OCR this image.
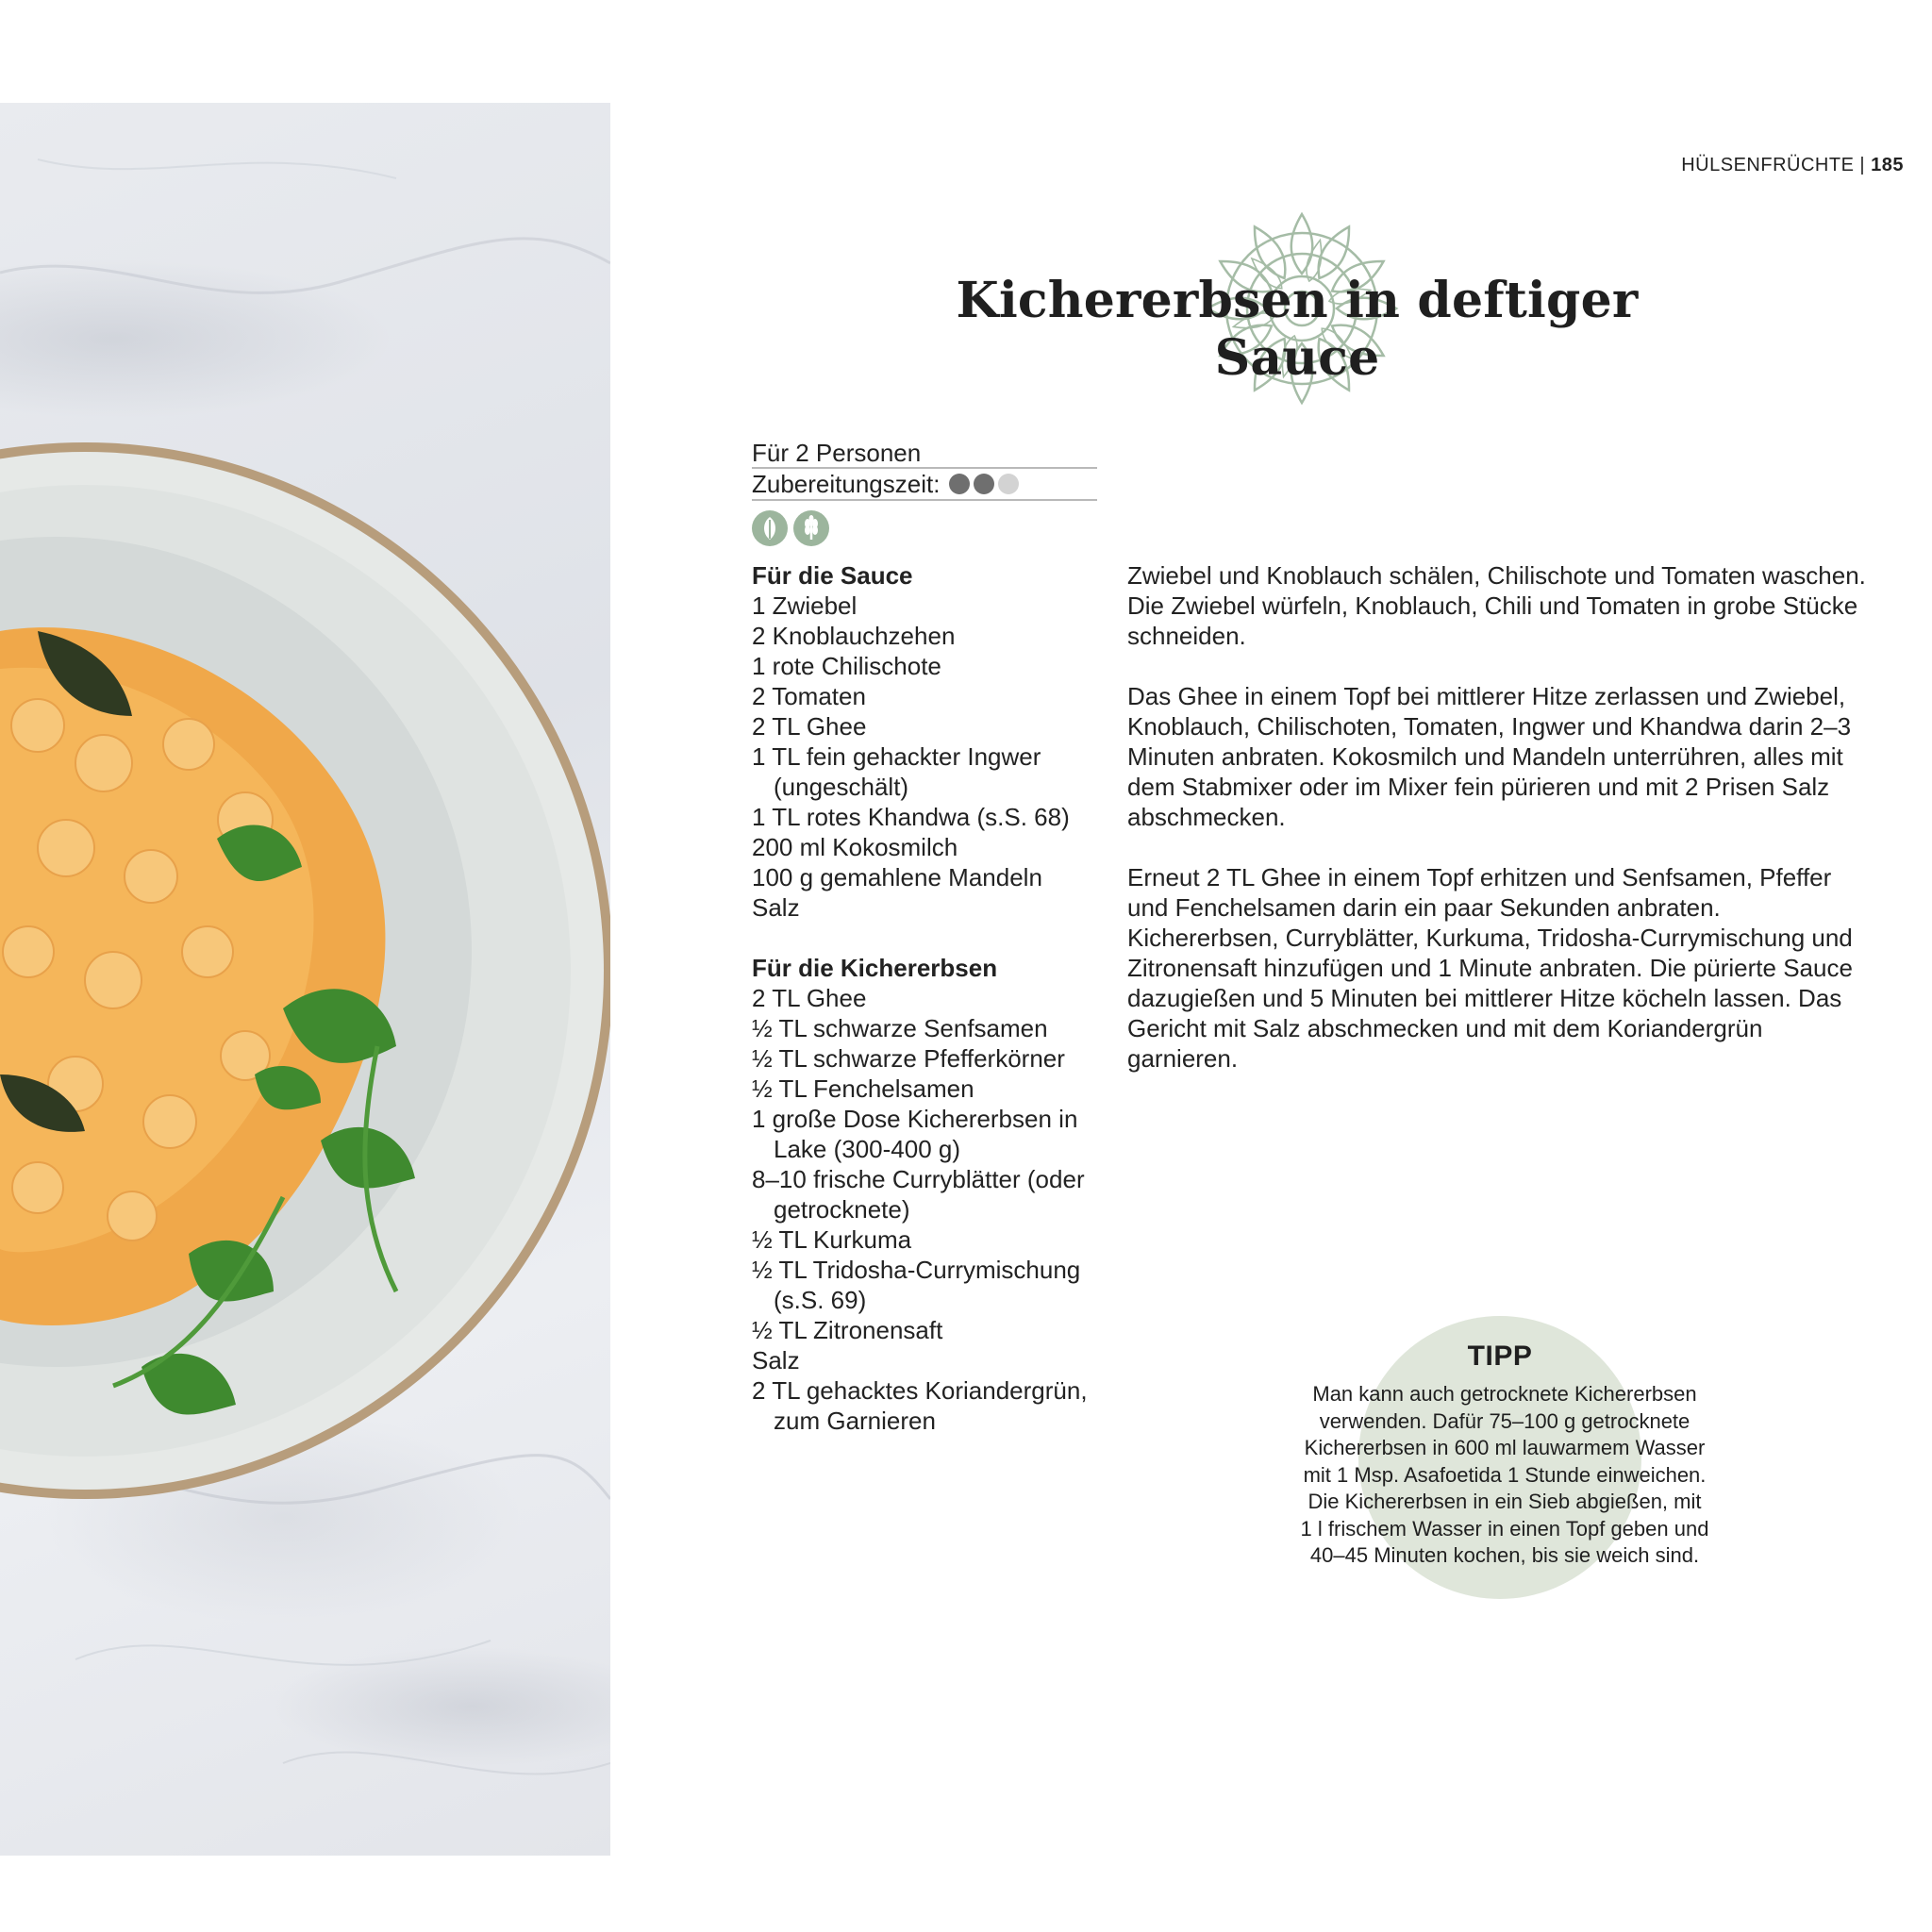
HÜLSENFRÜCHTE | 185
Kichererbsen in deftiger Sauce
Für 2 Personen
Zubereitungszeit:
Für die Sauce
1 Zwiebel
2 Knoblauchzehen
1 rote Chilischote
2 Tomaten
2 TL Ghee
1 TL fein gehackter Ingwer (ungeschält)
1 TL rotes Khandwa (s.S. 68)
200 ml Kokosmilch
100 g gemahlene Mandeln
Salz
Für die Kichererbsen
2 TL Ghee
½ TL schwarze Senfsamen
½ TL schwarze Pfefferkörner
½ TL Fenchelsamen
1 große Dose Kichererbsen in Lake (300-400 g)
8–10 frische Curryblätter (oder getrocknete)
½ TL Kurkuma
½ TL Tridosha-Currymischung (s.S. 69)
½ TL Zitronensaft
Salz
2 TL gehacktes Koriandergrün, zum Garnieren

Zwiebel und Knoblauch schälen, Chilischote und Tomaten waschen. Die Zwiebel würfeln, Knoblauch, Chili und Tomaten in grobe Stücke schneiden.

Das Ghee in einem Topf bei mittlerer Hitze zerlassen und Zwiebel, Knoblauch, Chilischoten, Tomaten, Ingwer und Khandwa darin 2–3 Minuten anbraten. Kokosmilch und Mandeln unterrühren, alles mit dem Stabmixer oder im Mixer fein pürieren und mit 2 Prisen Salz abschmecken.

Erneut 2 TL Ghee in einem Topf erhitzen und Senfsamen, Pfeffer und Fenchelsamen darin ein paar Sekunden anbraten. Kichererbsen, Curryblätter, Kurkuma, Tridosha-Currymischung und Zitronensaft hinzufügen und 1 Minute anbraten. Die pürierte Sauce dazugießen und 5 Minuten bei mittlerer Hitze köcheln lassen. Das Gericht mit Salz abschmecken und mit dem Koriandergrün garnieren.

TIPP
Man kann auch getrocknete Kichererbsen
verwenden. Dafür 75–100 g getrocknete
Kichererbsen in 600 ml lauwarmem Wasser
mit 1 Msp. Asafoetida 1 Stunde einweichen.
Die Kichererbsen in ein Sieb abgießen, mit
1 l frischem Wasser in einen Topf geben und
40–45 Minuten kochen, bis sie weich sind.
